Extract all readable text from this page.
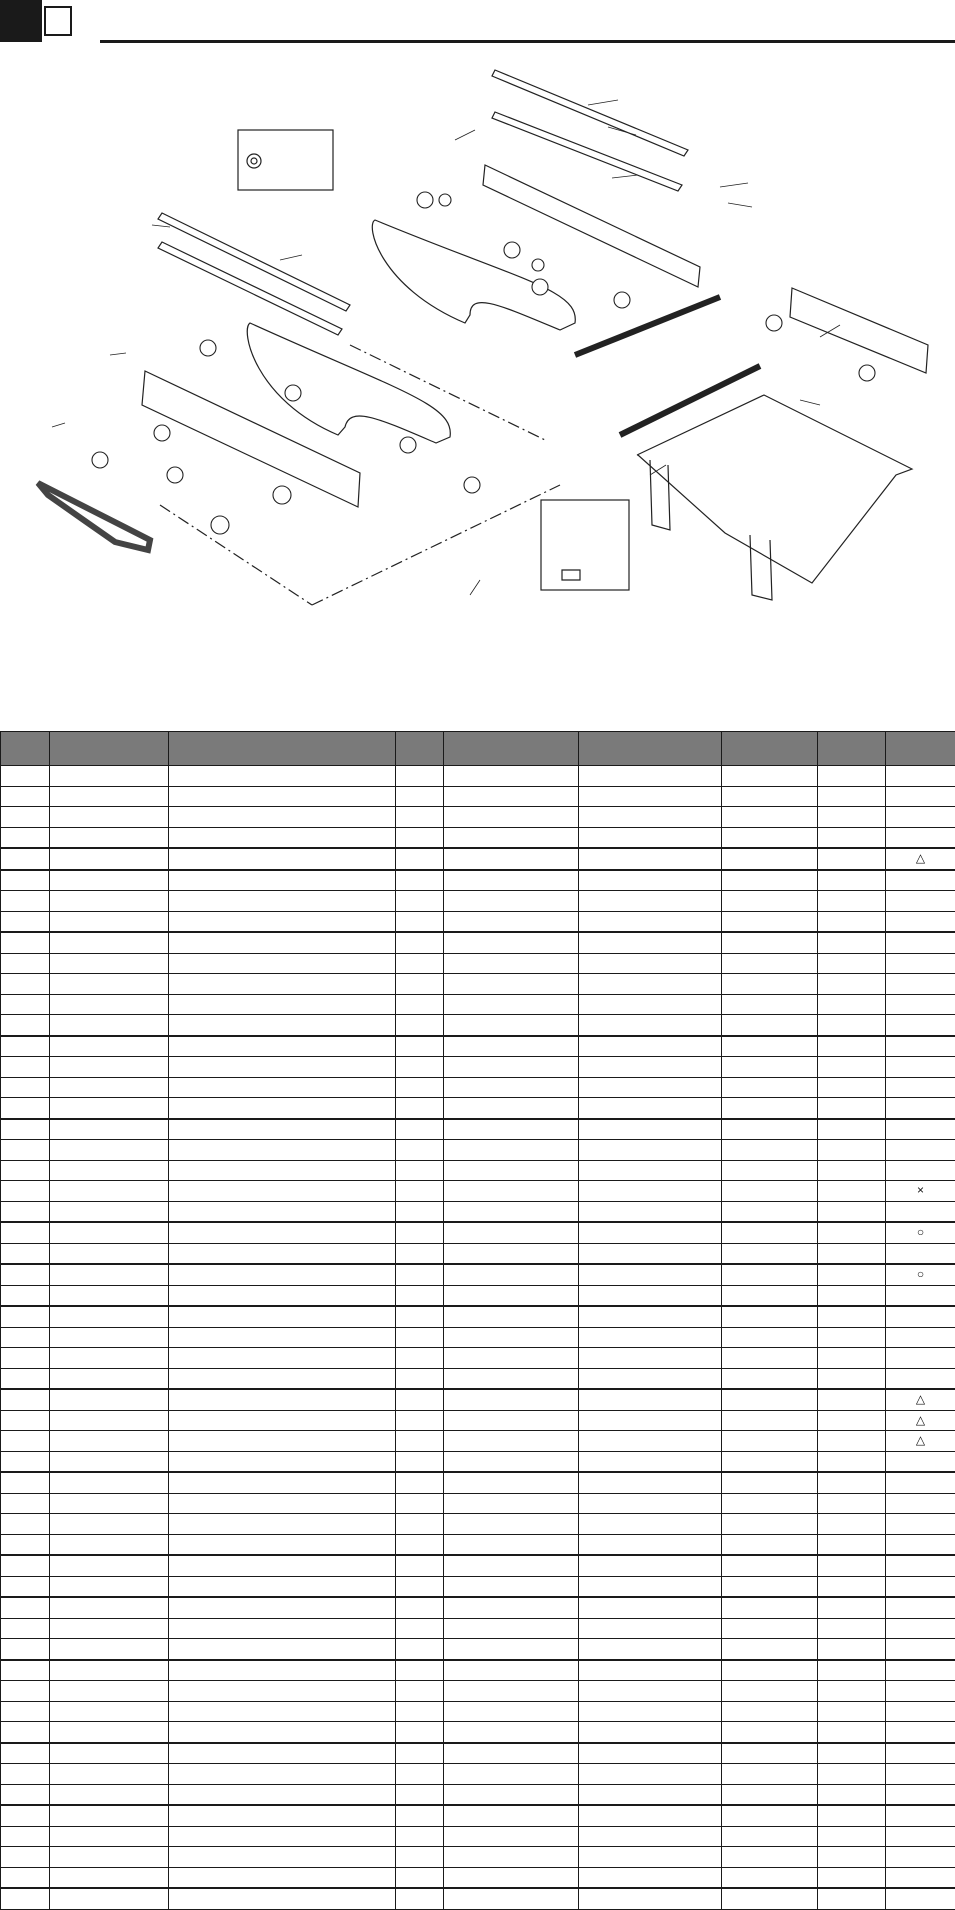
								△

								×

								○

								○

								△
								△
								△
